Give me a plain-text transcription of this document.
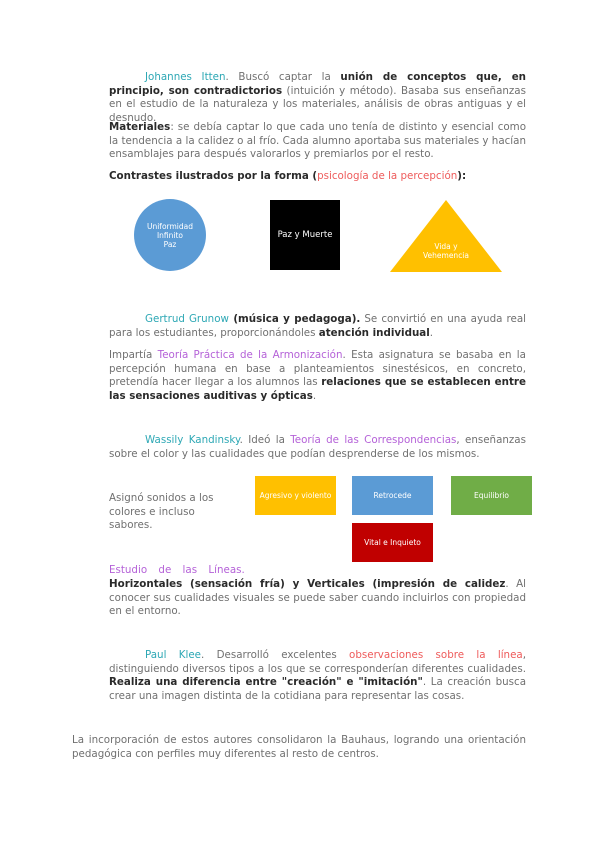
Johannes Itten. Buscó captar la unión de conceptos que, en principio, son contradictorios (intuición y método). Basaba sus enseñanzas en el estudio de la naturaleza y los materiales, análisis de obras antiguas y el desnudo.
Materiales: se debía captar lo que cada uno tenía de distinto y esencial como la tendencia a la calidez o al frío. Cada alumno aportaba sus materiales y hacían ensamblajes para después valorarlos y premiarlos por el resto.
Contrastes ilustrados por la forma (psicología de la percepción):
Uniformidad
Infinito
Paz
Paz y Muerte
Vida y
Vehemencia
Gertrud Grunow (música y pedagoga). Se convirtió en una ayuda real para los estudiantes, proporcionándoles atención individual.
Impartía Teoría Práctica de la Armonización. Esta asignatura se basaba en la percepción humana en base a planteamientos sinestésicos, en concreto, pretendía hacer llegar a los alumnos las relaciones que se establecen entre las sensaciones auditivas y ópticas.
Wassily Kandinsky. Ideó la Teoría de las Correspondencias, enseñanzas sobre el color y las cualidades que podían desprenderse de los mismos.
Asignó sonidos a los colores e incluso sabores.
Agresivo y violento	Retrocede	Equilibrio
Vital e Inquieto
Estudio de las Líneas.
Horizontales (sensación fría) y Verticales (impresión de calidez. Al conocer sus cualidades visuales se puede saber cuando incluirlos con propiedad en el entorno.
Paul Klee. Desarrolló excelentes observaciones sobre la línea, distinguiendo diversos tipos a los que se corresponderían diferentes cualidades. Realiza una diferencia entre "creación" e "imitación". La creación busca crear una imagen distinta de la cotidiana para representar las cosas.
La incorporación de estos autores consolidaron la Bauhaus, logrando una orientación pedagógica con perfiles muy diferentes al resto de centros.
